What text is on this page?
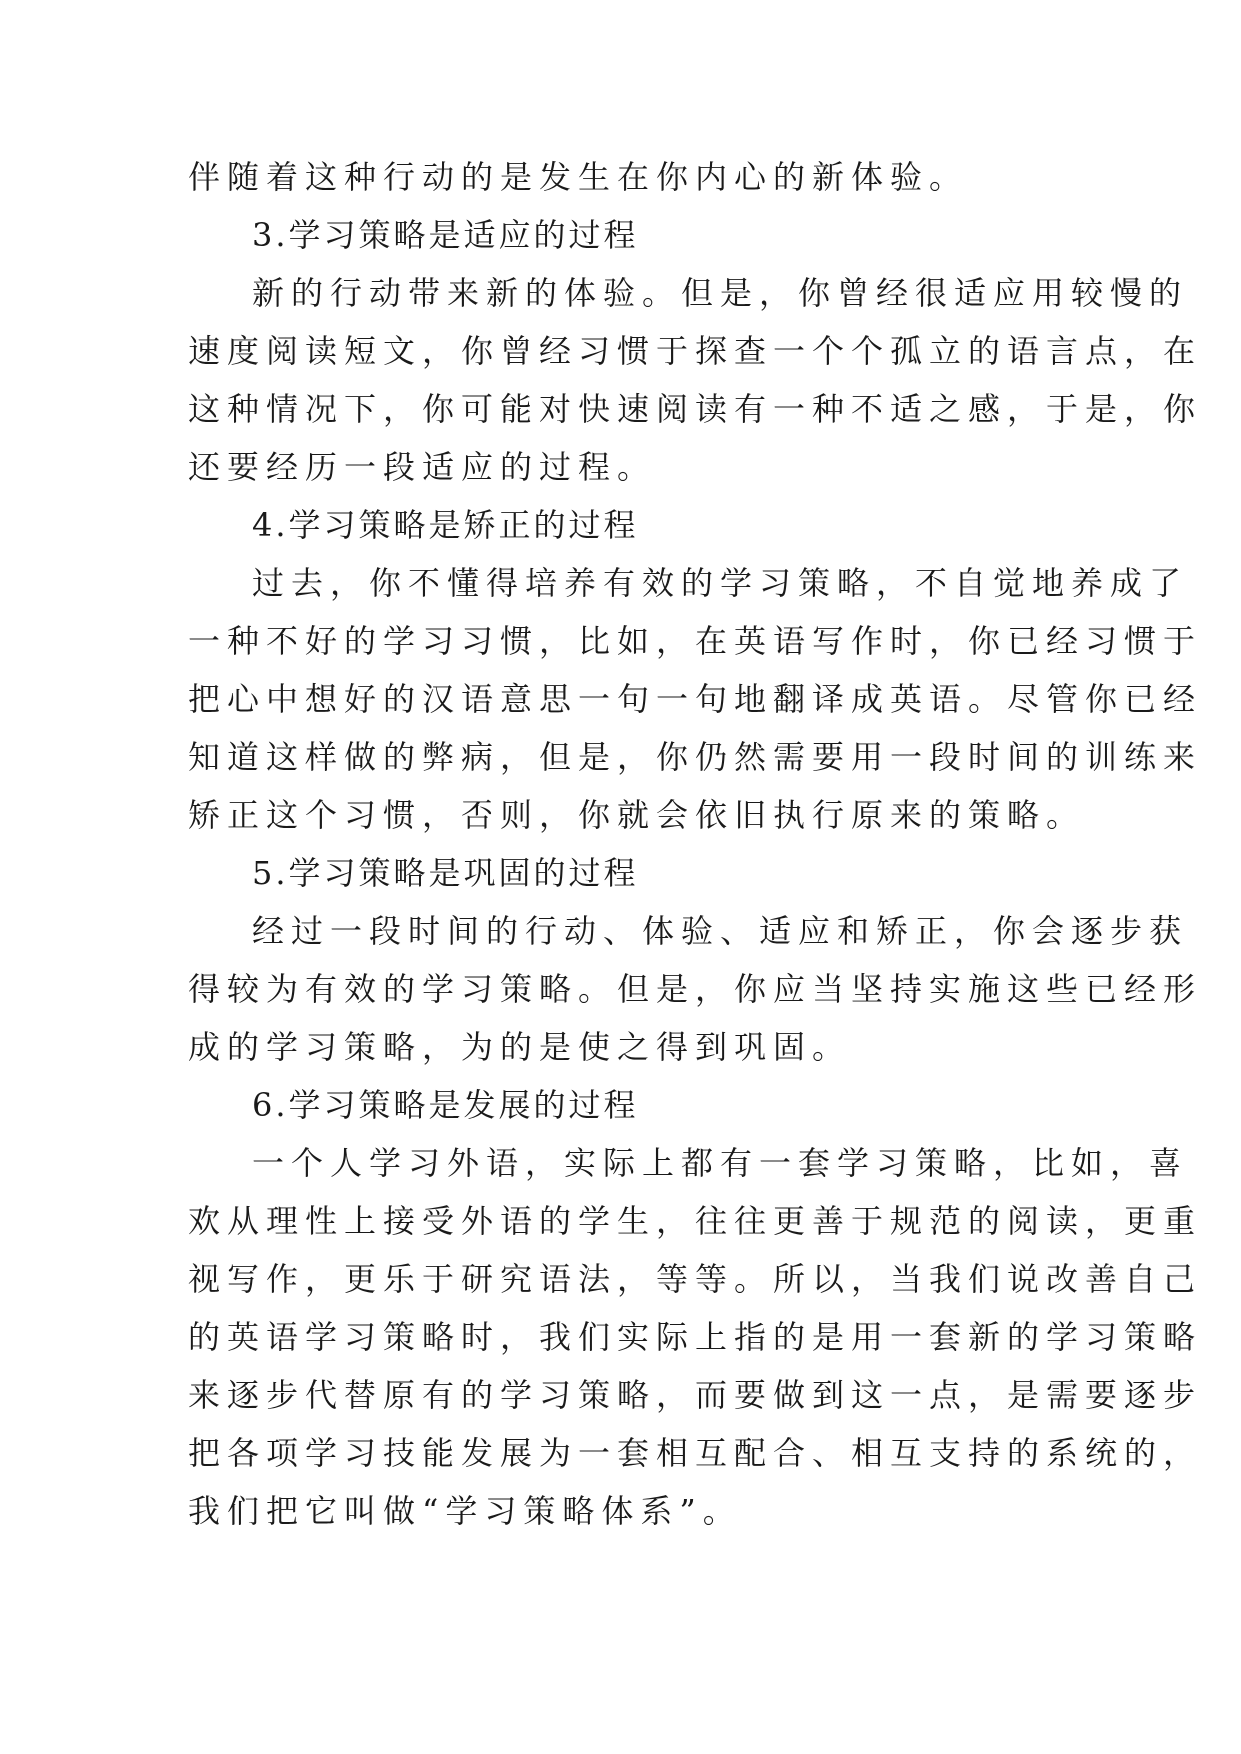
伴随着这种行动的是发生在你内心的新体验。
3.学习策略是适应的过程
新的行动带来新的体验。但是，你曾经很适应用较慢的
速度阅读短文，你曾经习惯于探查一个个孤立的语言点，在
这种情况下，你可能对快速阅读有一种不适之感，于是，你
还要经历一段适应的过程。
4.学习策略是矫正的过程
过去，你不懂得培养有效的学习策略，不自觉地养成了
一种不好的学习习惯，比如，在英语写作时，你已经习惯于
把心中想好的汉语意思一句一句地翻译成英语。尽管你已经
知道这样做的弊病，但是，你仍然需要用一段时间的训练来
矫正这个习惯，否则，你就会依旧执行原来的策略。
5.学习策略是巩固的过程
经过一段时间的行动、体验、适应和矫正，你会逐步获
得较为有效的学习策略。但是，你应当坚持实施这些已经形
成的学习策略，为的是使之得到巩固。
6.学习策略是发展的过程
一个人学习外语，实际上都有一套学习策略，比如，喜
欢从理性上接受外语的学生，往往更善于规范的阅读，更重
视写作，更乐于研究语法，等等。所以，当我们说改善自己
的英语学习策略时，我们实际上指的是用一套新的学习策略
来逐步代替原有的学习策略，而要做到这一点，是需要逐步
把各项学习技能发展为一套相互配合、相互支持的系统的，
我们把它叫做“学习策略体系”。
